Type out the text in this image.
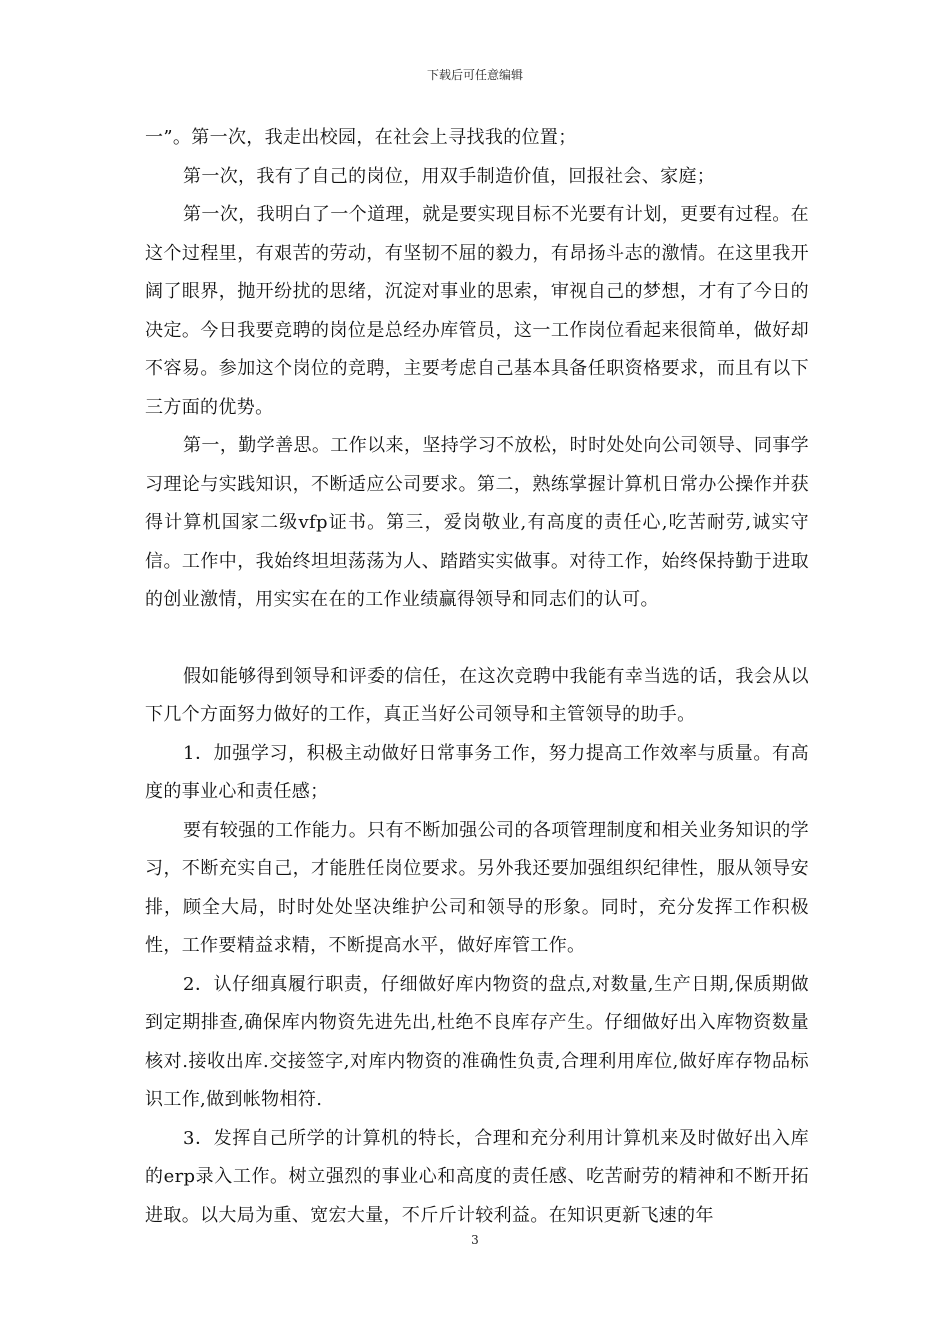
下载后可任意编辑

一”。第一次，我走出校园，在社会上寻找我的位置；

第一次，我有了自己的岗位，用双手制造价值，回报社会、家庭；

第一次，我明白了一个道理，就是要实现目标不光要有计划，更要有过程。在这个过程里，有艰苦的劳动，有坚韧不屈的毅力，有昂扬斗志的激情。在这里我开阔了眼界，抛开纷扰的思绪，沉淀对事业的思索，审视自己的梦想，才有了今日的决定。今日我要竞聘的岗位是总经办库管员，这一工作岗位看起来很简单，做好却不容易。参加这个岗位的竞聘，主要考虑自己基本具备任职资格要求，而且有以下三方面的优势。

第一，勤学善思。工作以来，坚持学习不放松，时时处处向公司领导、同事学习理论与实践知识，不断适应公司要求。第二，熟练掌握计算机日常办公操作并获得计算机国家二级vfp证书。第三，爱岗敬业,有高度的责任心,吃苦耐劳,诚实守信。工作中，我始终坦坦荡荡为人、踏踏实实做事。对待工作，始终保持勤于进取的创业激情，用实实在在的工作业绩赢得领导和同志们的认可。

假如能够得到领导和评委的信任，在这次竞聘中我能有幸当选的话，我会从以下几个方面努力做好的工作，真正当好公司领导和主管领导的助手。

1．加强学习，积极主动做好日常事务工作，努力提高工作效率与质量。有高度的事业心和责任感；

要有较强的工作能力。只有不断加强公司的各项管理制度和相关业务知识的学习，不断充实自己，才能胜任岗位要求。另外我还要加强组织纪律性，服从领导安排，顾全大局，时时处处坚决维护公司和领导的形象。同时，充分发挥工作积极性，工作要精益求精，不断提高水平，做好库管工作。

2．认仔细真履行职责，仔细做好库内物资的盘点,对数量,生产日期,保质期做到定期排查,确保库内物资先进先出,杜绝不良库存产生。仔细做好出入库物资数量核对.接收出库.交接签字,对库内物资的准确性负责,合理利用库位,做好库存物品标识工作,做到帐物相符.

3．发挥自己所学的计算机的特长，合理和充分利用计算机来及时做好出入库的erp录入工作。树立强烈的事业心和高度的责任感、吃苦耐劳的精神和不断开拓进取。以大局为重、宽宏大量，不斤斤计较利益。在知识更新飞速的年

3
